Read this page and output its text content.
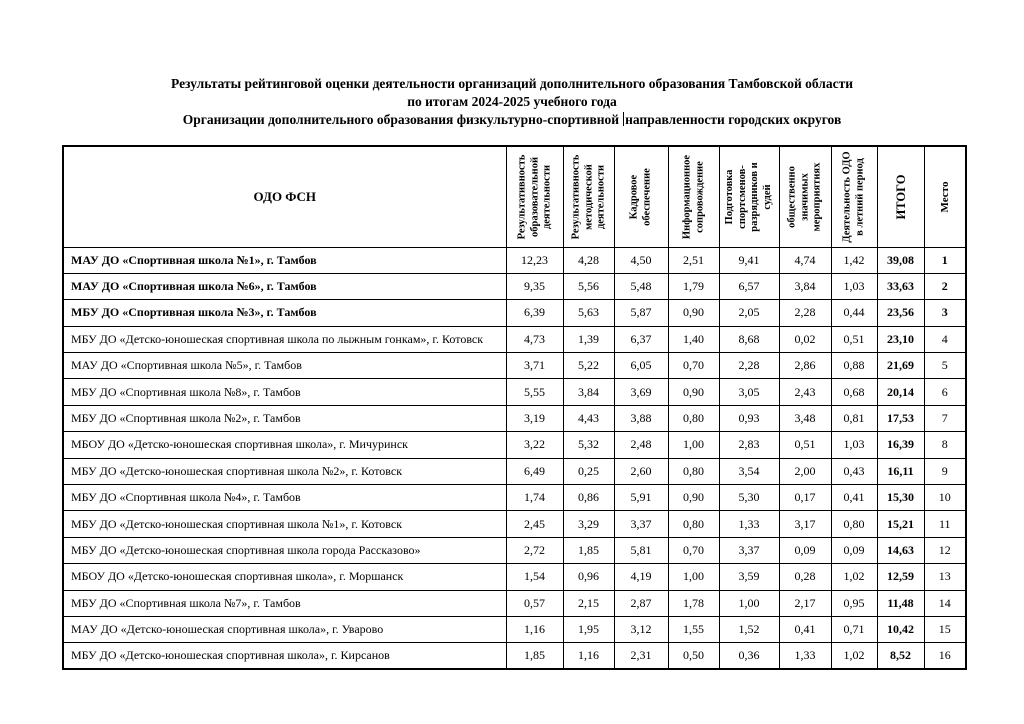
Результаты рейтинговой оценки деятельности организаций дополнительного образования Тамбовской области
по итогам 2024-2025 учебного года
Организации дополнительного образования физкультурно-спортивной направленности городских округов
ОДО ФСН	Результативность образовательной деятельности	Результативность методической деятельности	Кадровое обеспечение	Информационное сопровождение	Подготовка спортсменов-разрядников и судей	общественно значимых мероприятиях	Деятельность ОДО в летний период	ИТОГО	Место

МАУ ДО «Спортивная школа №1», г. Тамбов	12,23	4,28	4,50	2,51	9,41	4,74	1,42	39,08	1
МАУ ДО «Спортивная школа №6», г. Тамбов	9,35	5,56	5,48	1,79	6,57	3,84	1,03	33,63	2
МБУ ДО «Спортивная школа №3», г. Тамбов	6,39	5,63	5,87	0,90	2,05	2,28	0,44	23,56	3
МБУ ДО «Детско-юношеская спортивная школа по лыжным гонкам», г. Котовск	4,73	1,39	6,37	1,40	8,68	0,02	0,51	23,10	4
МАУ ДО «Спортивная школа №5», г. Тамбов	3,71	5,22	6,05	0,70	2,28	2,86	0,88	21,69	5
МБУ ДО «Спортивная школа №8», г. Тамбов	5,55	3,84	3,69	0,90	3,05	2,43	0,68	20,14	6
МБУ ДО «Спортивная школа №2», г. Тамбов	3,19	4,43	3,88	0,80	0,93	3,48	0,81	17,53	7
МБОУ ДО «Детско-юношеская спортивная школа», г. Мичуринск	3,22	5,32	2,48	1,00	2,83	0,51	1,03	16,39	8
МБУ ДО «Детско-юношеская спортивная школа №2», г. Котовск	6,49	0,25	2,60	0,80	3,54	2,00	0,43	16,11	9
МБУ ДО «Спортивная школа №4», г. Тамбов	1,74	0,86	5,91	0,90	5,30	0,17	0,41	15,30	10
МБУ ДО «Детско-юношеская спортивная школа №1», г. Котовск	2,45	3,29	3,37	0,80	1,33	3,17	0,80	15,21	11
МБУ ДО «Детско-юношеская спортивная школа города Рассказово»	2,72	1,85	5,81	0,70	3,37	0,09	0,09	14,63	12
МБОУ ДО «Детско-юношеская спортивная школа», г. Моршанск	1,54	0,96	4,19	1,00	3,59	0,28	1,02	12,59	13
МБУ ДО «Спортивная школа №7», г. Тамбов	0,57	2,15	2,87	1,78	1,00	2,17	0,95	11,48	14
МАУ ДО «Детско-юношеская спортивная школа», г. Уварово	1,16	1,95	3,12	1,55	1,52	0,41	0,71	10,42	15
МБУ ДО «Детско-юношеская спортивная школа», г. Кирсанов	1,85	1,16	2,31	0,50	0,36	1,33	1,02	8,52	16
